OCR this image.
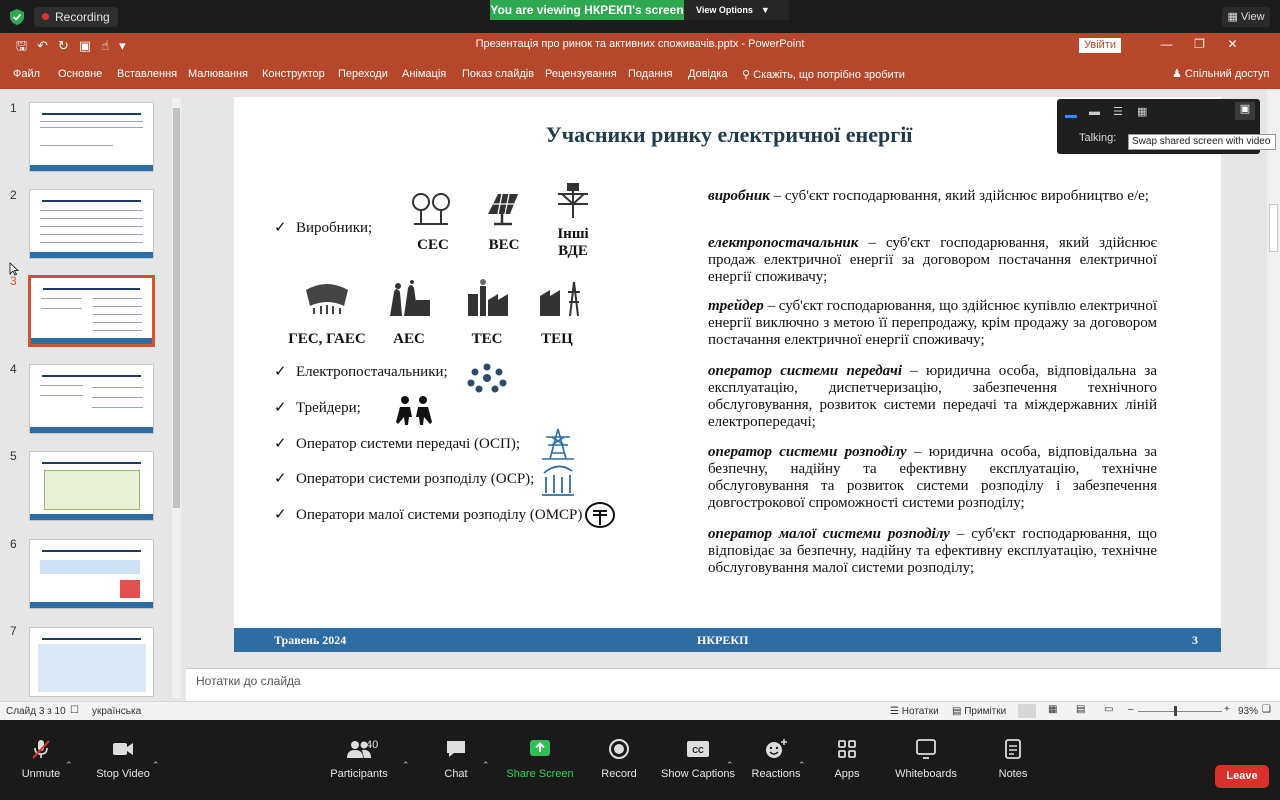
Recording	You are viewing НКРЕКП's screen	View Options ▼
▦ View
🖫↶↻▣☝▾	Презентація про ринок та активних споживачів.pptx - PowerPoint	Увійти	— ❐ ✕
Файл Основне Вставлення Малювання Конструктор Переходи Анімація Показ слайдів Рецензування Подання Довідка ⚲ Скажіть, що потрібно зробити	♟ Спільний доступ
1
2
3
4
5
6
7
Учасники ринку електричної енергії
✓ Виробники;
✓ Електропостачальники;
✓ Трейдери;
✓ Оператор системи передачі (ОСП);
✓ Оператори системи розподілу (ОСР);
✓ Оператори малої системи розподілу (ОМСР)
СЕС	ВЕС
Інші ВДЕ
ГЕС, ГАЕС	АЕС	ТЕС	ТЕЦ

виробник – суб'єкт господарювання, який здійснює виробництво е/е;

електропостачальник – суб'єкт господарювання, який здійснює продаж електричної енергії за договором постачання електричної енергії споживачу;

трейдер – суб'єкт господарювання, що здійснює купівлю електричної енергії виключно з метою її перепродажу, крім продажу за договором постачання електричної енергії споживачу;

оператор системи передачі – юридична особа, відповідальна за експлуатацію, диспетчеризацію, забезпечення технічного обслуговування, розвиток системи передачі та міждержавних ліній електропередачі;

оператор системи розподілу – юридична особа, відповідальна за безпечну, надійну та ефективну експлуатацію, технічне обслуговування та розвиток системи розподілу і забезпечення довгострокової спроможності системи розподілу;

оператор малої системи розподілу – суб'єкт господарювання, що відповідає за безпечну, надійну та ефективну експлуатацію, технічне обслуговування малої системи розподілу;

Травень 2024	НКРЕКП	3
Нотатки до слайда
Слайд 3 з 10 ☐ українська	☰ Нотатки ▤ Примітки	▦ ▤ ▭ –	+ 93% ❏
▬ ☰ ▦	▣
Talking:	Swap shared screen with video
Unmute
⌃
Stop Video
⌃
40
Participants
⌃
Chat
⌃
Share Screen	Record
CC
Show Captions
⌃
Reactions
⌃
Apps	Whiteboards	Notes	Leave
